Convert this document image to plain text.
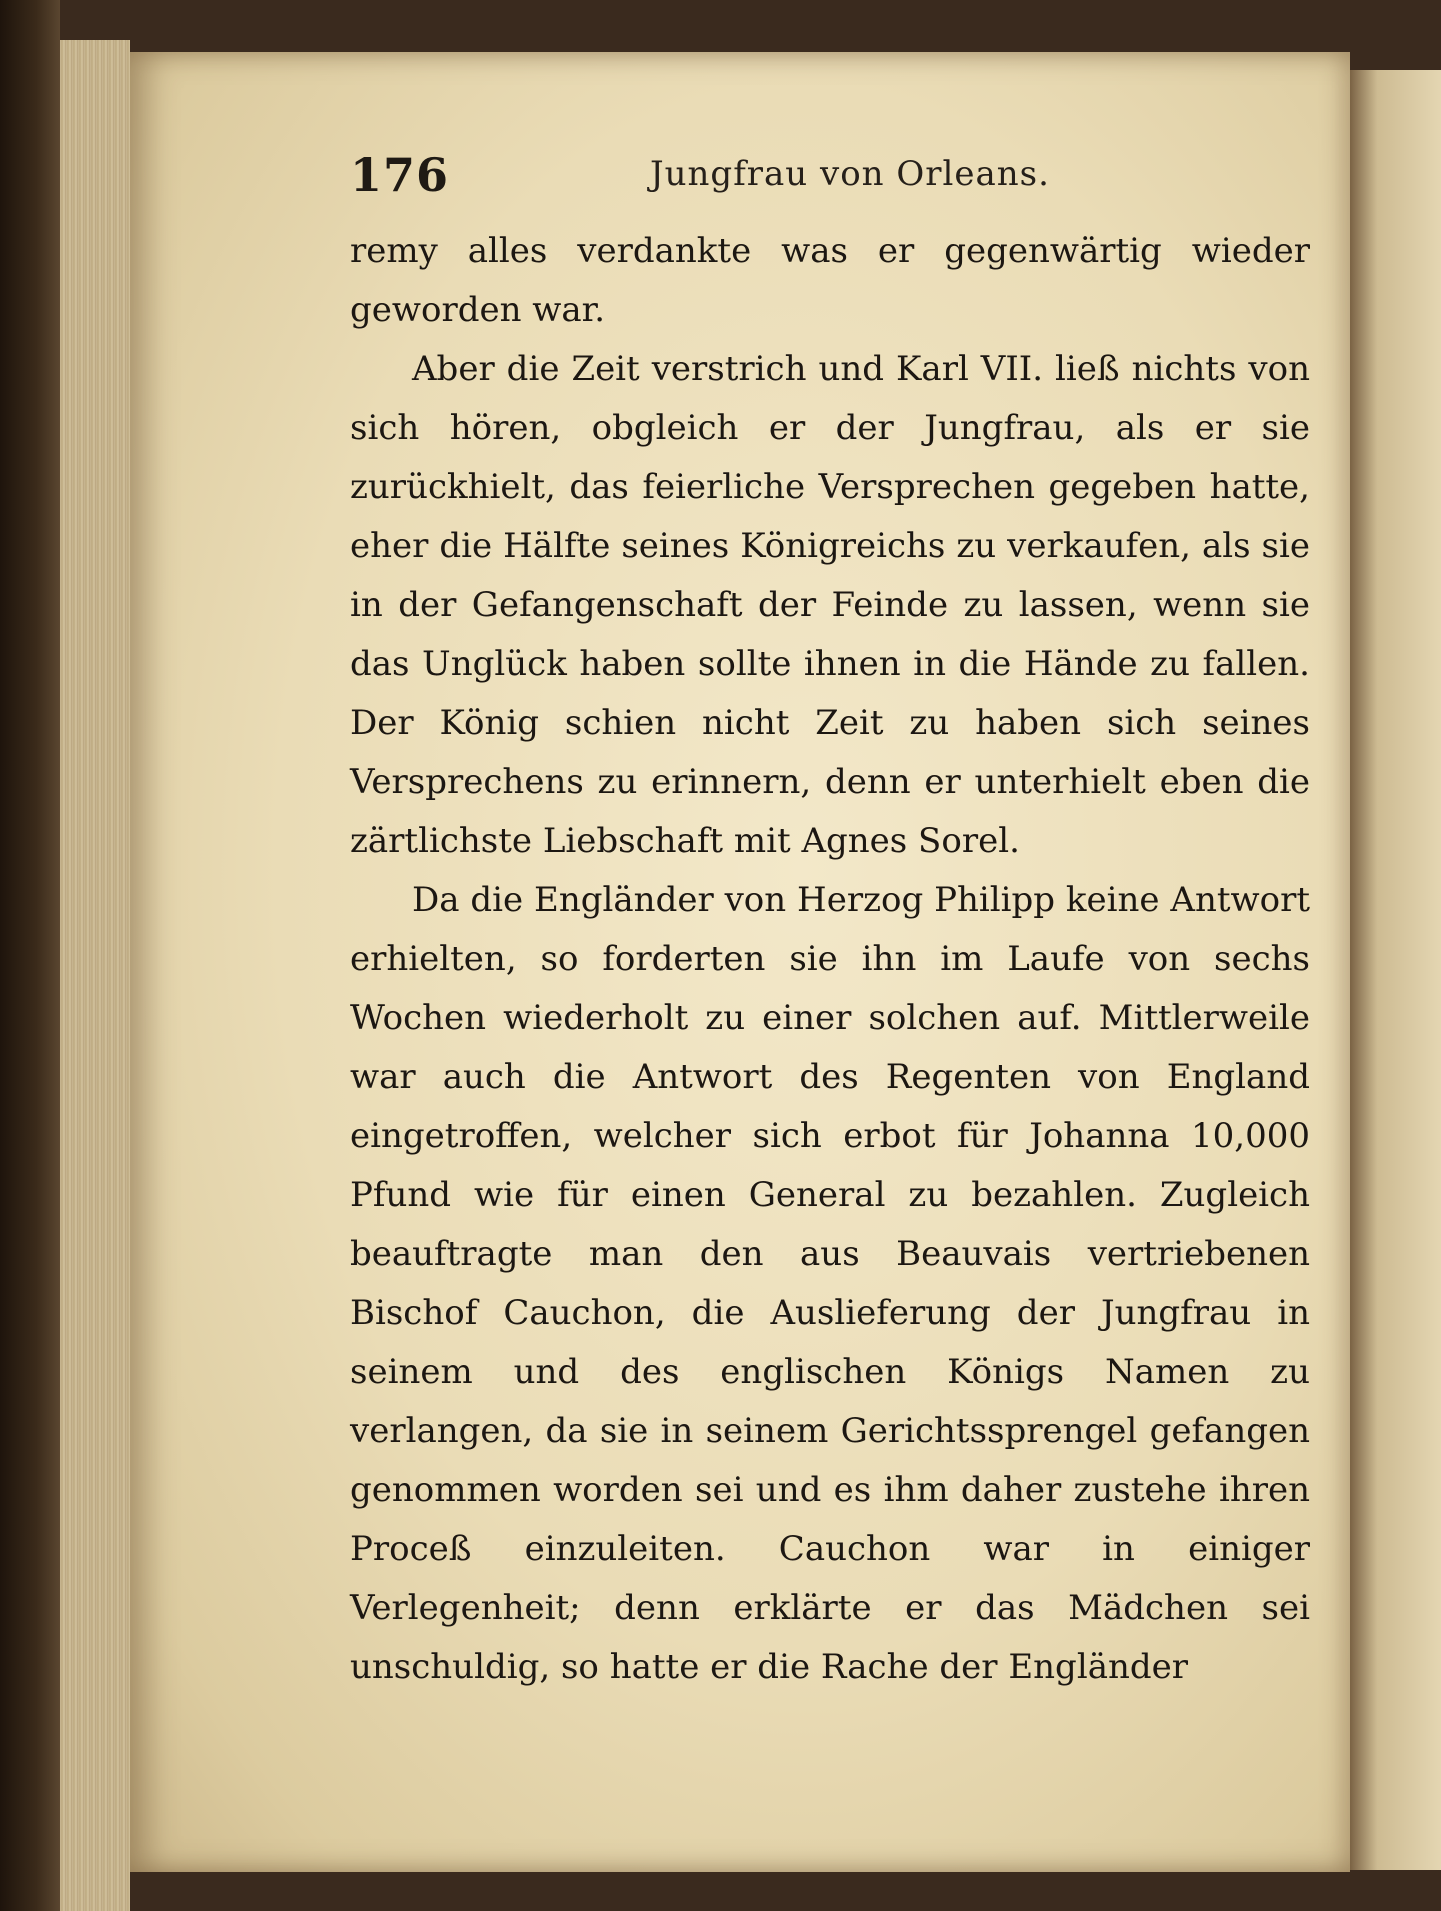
176	Jungfrau von Orleans.

remy alles verdankte was er gegenwärtig wieder geworden war.

Aber die Zeit verstrich und Karl VII. ließ nichts von sich hören, obgleich er der Jungfrau, als er sie zurückhielt, das feierliche Versprechen gegeben hatte, eher die Hälfte seines Königreichs zu verkaufen, als sie in der Gefangenschaft der Feinde zu lassen, wenn sie das Unglück haben sollte ihnen in die Hände zu fallen. Der König schien nicht Zeit zu haben sich seines Versprechens zu erinnern, denn er unterhielt eben die zärtlichste Liebschaft mit Agnes Sorel.

Da die Engländer von Herzog Philipp keine Antwort erhielten, so forderten sie ihn im Laufe von sechs Wochen wiederholt zu einer solchen auf. Mittlerweile war auch die Antwort des Regenten von England eingetroffen, welcher sich erbot für Johanna 10,000 Pfund wie für einen General zu bezahlen. Zugleich beauftragte man den aus Beauvais vertriebenen Bischof Cauchon, die Auslieferung der Jungfrau in seinem und des englischen Königs Namen zu verlangen, da sie in seinem Gerichtssprengel gefangen genommen worden sei und es ihm daher zustehe ihren Proceß einzuleiten. Cauchon war in einiger Verlegenheit; denn erklärte er das Mädchen sei unschuldig, so hatte er die Rache der Engländer
